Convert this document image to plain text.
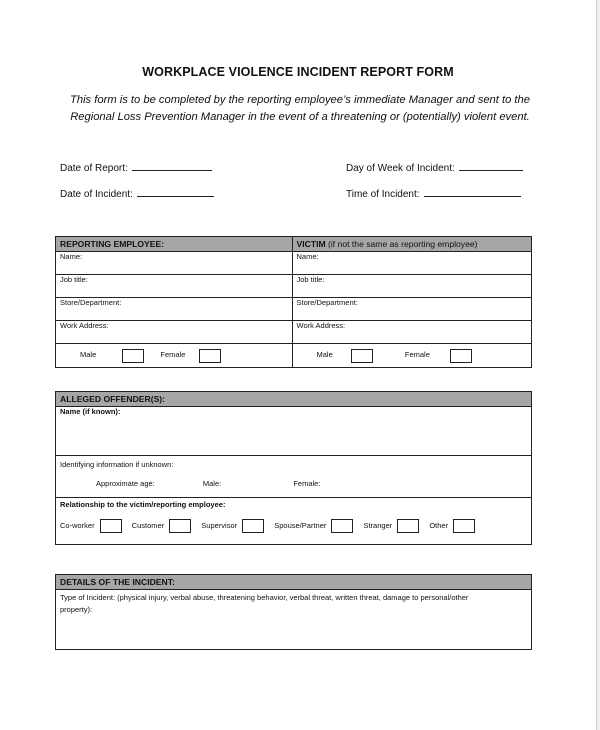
WORKPLACE VIOLENCE INCIDENT REPORT FORM
This form is to be completed by the reporting employee’s immediate Manager and sent to the
Regional Loss Prevention Manager in the event of a threatening or (potentially) violent event.
Date of Report:	Day of Week of Incident:
Date of Incident:	Time of Incident:
REPORTING EMPLOYEE:	VICTIM (if not the same as reporting employee)
Name:	Name:
Job title:	Job title:
Store/Department:	Store/Department:
Work Address:	Work Address:
Male Female	Male Female
ALLEGED OFFENDER(S):
Name (if known):

Identifying information if unknown:
Approximate age:	Male:	Female:

Relationship to the victim/reporting employee:
Co-worker	Customer	Supervisor	Spouse/Partner	Stranger	Other
DETAILS OF THE INCIDENT:

Type of Incident: (physical injury, verbal abuse, threatening behavior, verbal threat, written threat, damage to personal/other
property):
